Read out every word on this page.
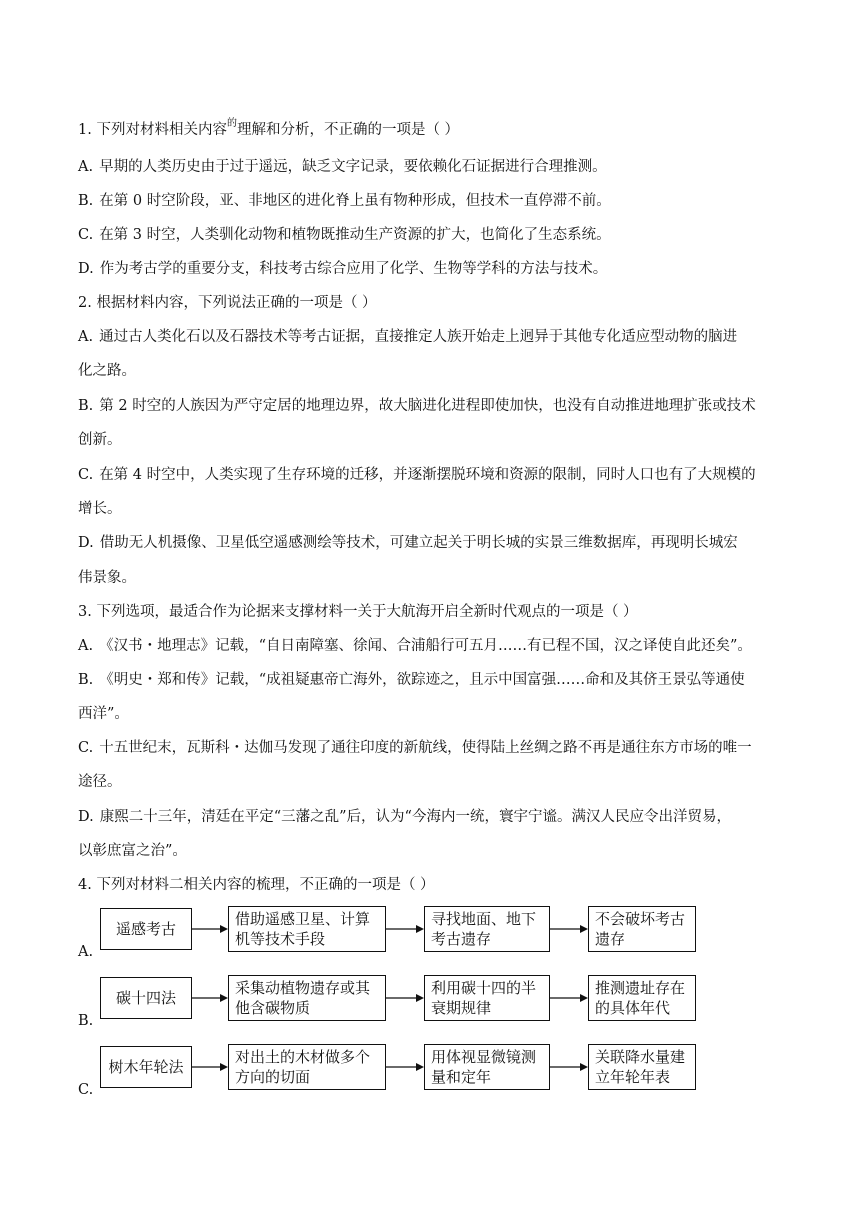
1. 下列对材料相关内容$^的$理解和分析，不正确的一项是（ ）
A. 早期的人类历史由于过于遥远，缺乏文字记录，要依赖化石证据进行合理推测。
B. 在第 0 时空阶段，亚、非地区的进化脊上虽有物种形成，但技术一直停滞不前。
C. 在第 3 时空，人类驯化动物和植物既推动生产资源的扩大，也简化了生态系统。
D. 作为考古学的重要分支，科技考古综合应用了化学、生物等学科的方法与技术。
2. 根据材料内容，下列说法正确的一项是（ ）
A. 通过古人类化石以及石器技术等考古证据，直接推定人族开始走上迥异于其他专化适应型动物的脑进
化之路。
B. 第 2 时空的人族因为严守定居的地理边界，故大脑进化进程即使加快，也没有自动推进地理扩张或技术
创新。
C. 在第 4 时空中，人类实现了生存环境的迁移，并逐渐摆脱环境和资源的限制，同时人口也有了大规模的
增长。
D. 借助无人机摄像、卫星低空遥感测绘等技术，可建立起关于明长城的实景三维数据库，再现明长城宏
伟景象。
3. 下列选项，最适合作为论据来支撑材料一关于大航海开启全新时代观点的一项是（ ）
A. 《汉书・地理志》记载，“自日南障塞、徐闻、合浦船行可五月……有已程不国，汉之译使自此还矣”。
B. 《明史・郑和传》记载，“成祖疑惠帝亡海外，欲踪迹之，且示中国富强……命和及其侪王景弘等通使
西洋”。
C. 十五世纪末，瓦斯科・达伽马发现了通往印度的新航线，使得陆上丝绸之路不再是通往东方市场的唯一
途径。
D. 康熙二十三年，清廷在平定“三藩之乱”后，认为“今海内一统，寰宇宁谧。满汉人民应令出洋贸易，
以彰庶富之治”。
4. 下列对材料二相关内容的梳理，不正确的一项是（ ）
A.
遥感考古
借助遥感卫星、计算机等技术手段
寻找地面、地下考古遗存
不会破坏考古遗存
B.
碳十四法
采集动植物遗存或其他含碳物质
利用碳十四的半衰期规律
推测遗址存在的具体年代
C.
树木年轮法
对出土的木材做多个方向的切面
用体视显微镜测量和定年
关联降水量建立年轮年表
